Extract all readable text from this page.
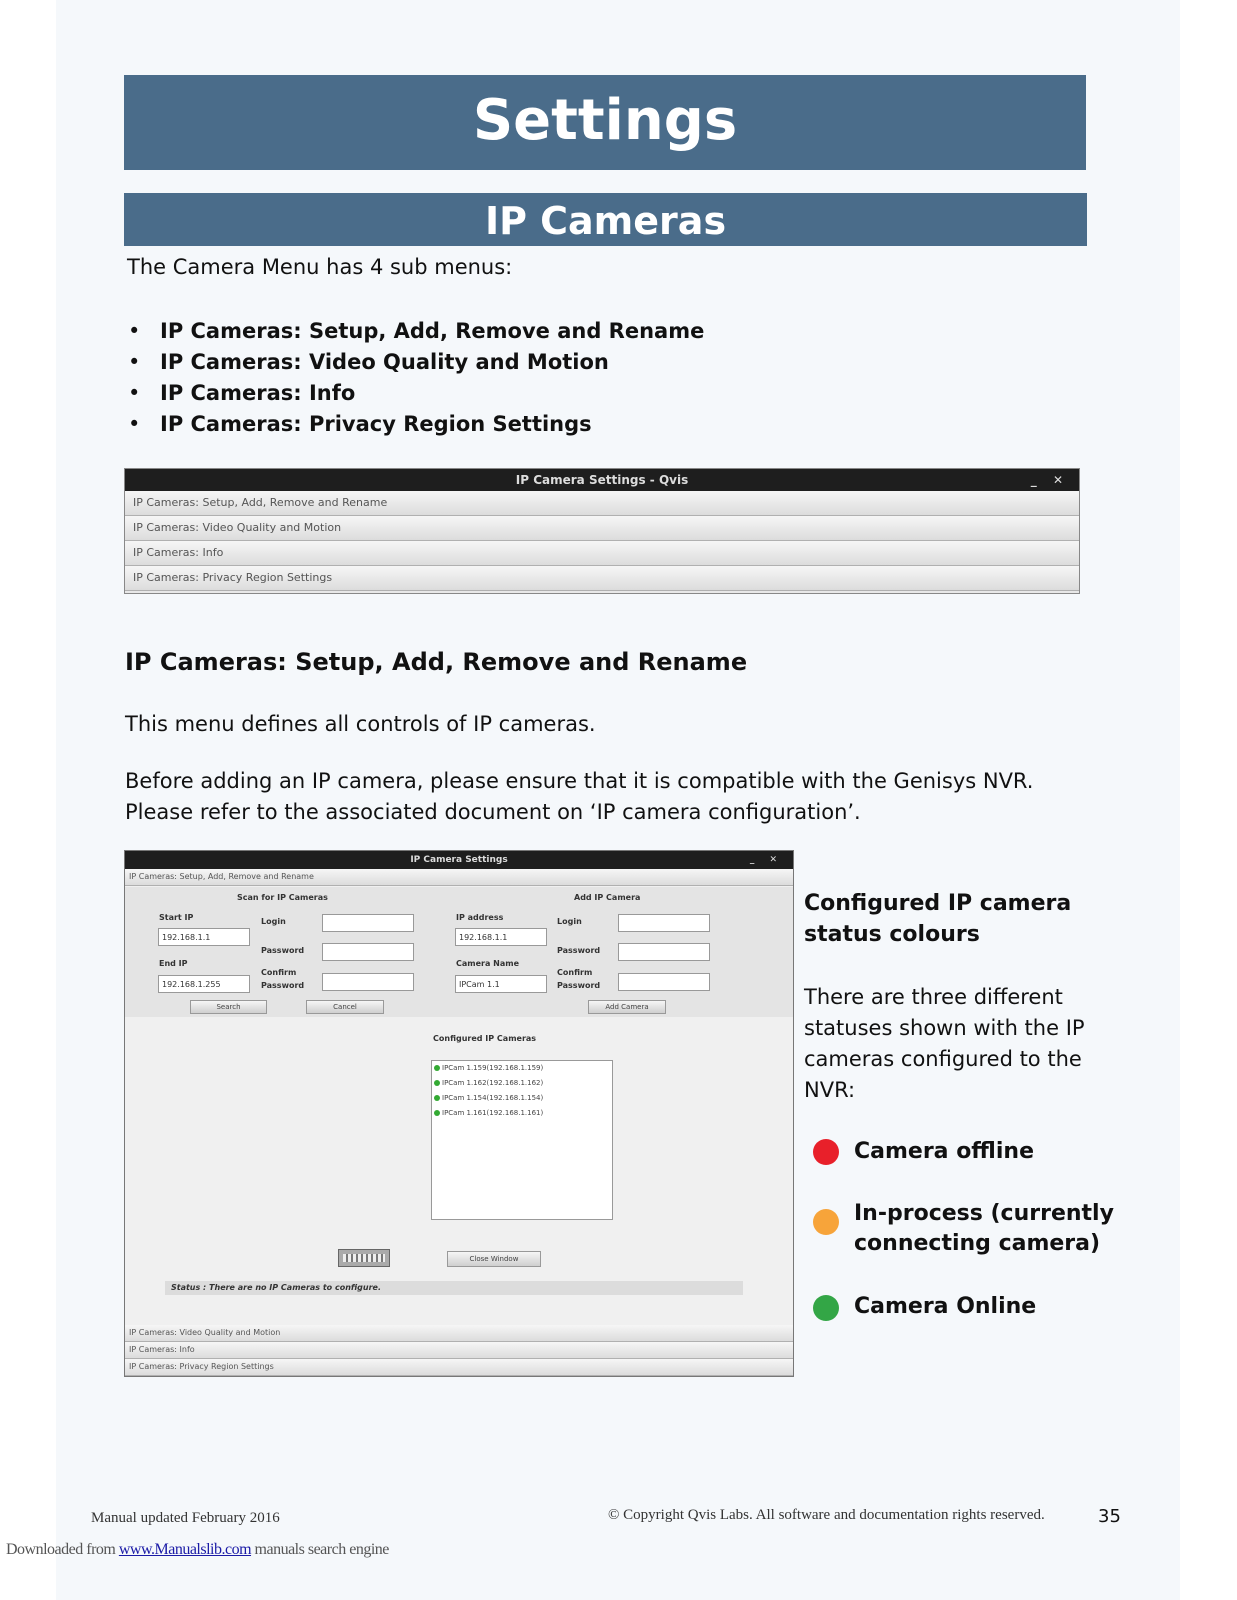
Settings
IP Cameras
The Camera Menu has 4 sub menus:
• IP Cameras: Setup, Add, Remove and Rename
• IP Cameras: Video Quality and Motion
• IP Cameras: Info
• IP Cameras: Privacy Region Settings
IP Camera Settings - Qvis	_ ✕
IP Cameras: Setup, Add, Remove and Rename
IP Cameras: Video Quality and Motion
IP Cameras: Info
IP Cameras: Privacy Region Settings
IP Cameras: Setup, Add, Remove and Rename
This menu defines all controls of IP cameras.
Before adding an IP camera, please ensure that it is compatible with the Genisys NVR.
Please refer to the associated document on ‘IP camera configuration’.
IP Camera Settings	_ ✕
IP Cameras: Setup, Add, Remove and Rename
Scan for IP Cameras
Start IP
192.168.1.1
End IP
192.168.1.255
Login
Password
Confirm
Password
Search	Cancel
Add IP Camera
IP address
192.168.1.1
Camera Name
IPCam 1.1
Login
Password
Confirm
Password
Add Camera
Configured IP Cameras
IPCam 1.159(192.168.1.159)
IPCam 1.162(192.168.1.162)
IPCam 1.154(192.168.1.154)
IPCam 1.161(192.168.1.161)
Close Window
Status : There are no IP Cameras to configure.
IP Cameras: Video Quality and Motion
IP Cameras: Info
IP Cameras: Privacy Region Settings
Configured IP camera
status colours
There are three different
statuses shown with the IP
cameras configured to the
NVR:
Camera offline
In-process (currently
connecting camera)
Camera Online
Manual updated February 2016	© Copyright Qvis Labs. All software and documentation rights reserved.	35
Downloaded from www.Manualslib.com manuals search engine
